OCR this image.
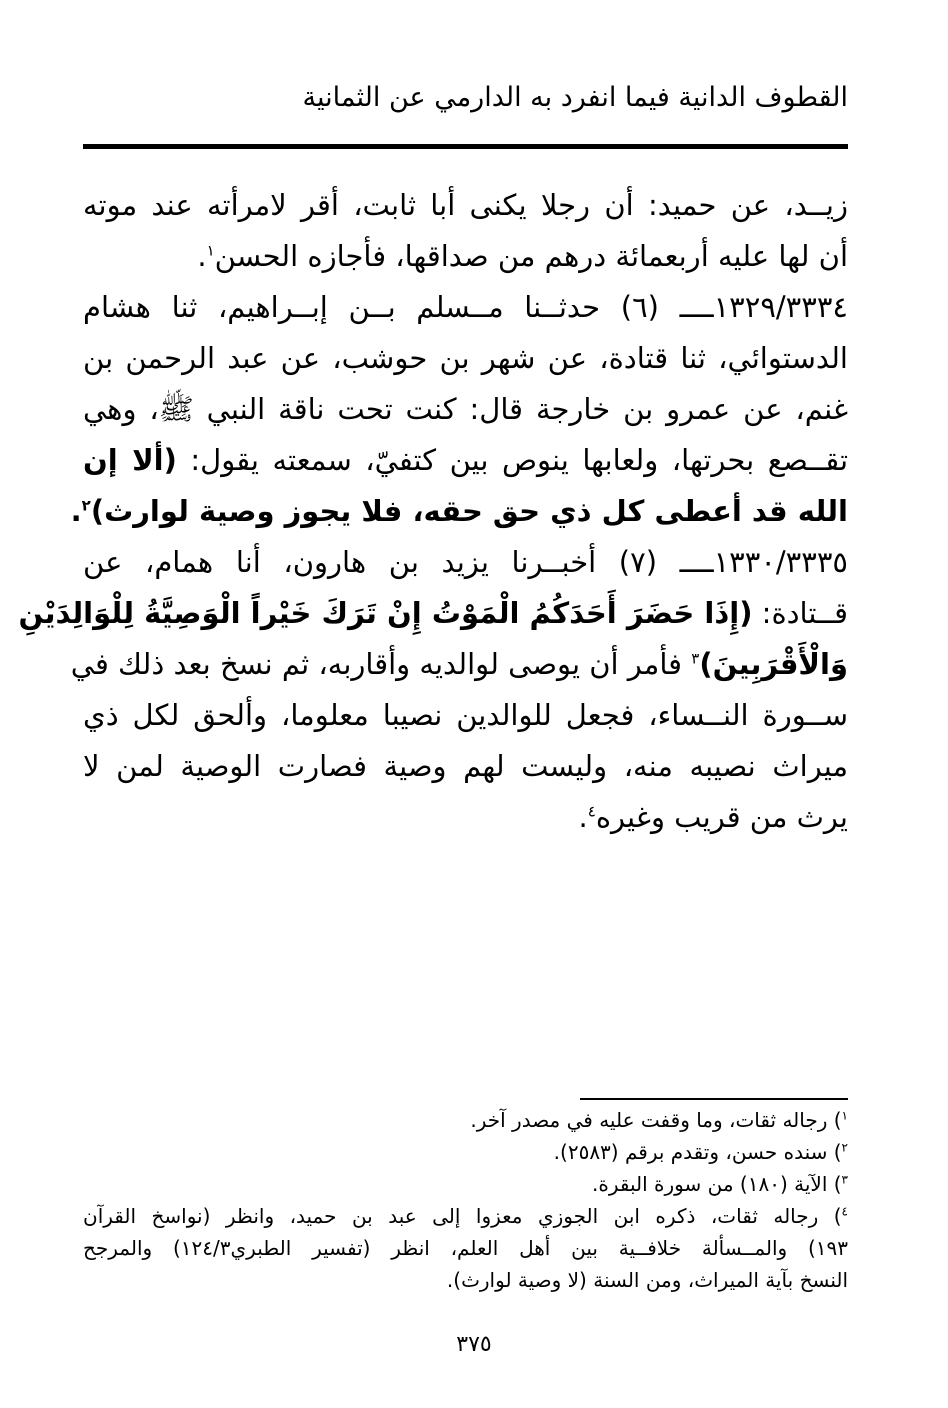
القطوف الدانية فيما انفرد به الدارمي عن الثمانية
زيــد، عن حميد: أن رجلا يكنى أبا ثابت، أقر لامرأته عند موته
أن لها عليه أربعمائة درهم من صداقها، فأجازه الحسن$^١$.
١٣٢٩/٣٣٣٤ــــ (٦) حدثــنا مــسلم بــن إبــراهيم، ثنا هشام
الدستوائي، ثنا قتادة، عن شهر بن حوشب، عن عبد الرحمن بن
غنم، عن عمرو بن خارجة قال: كنت تحت ناقة النبي ﷺ، وهي
تقــصع بحرتها، ولعابها ينوص بين كتفيّ، سمعته يقول: (ألا إن
الله قد أعطى كل ذي حق حقه، فلا يجوز وصية لوارث)$^٢$.
١٣٣٠/٣٣٣٥ــــ (٧) أخبــرنا يزيد بن هارون، أنا همام، عن
قــتادة: (إِذَا حَضَرَ أَحَدَكُمُ الْمَوْتُ إِنْ تَرَكَ خَيْراً الْوَصِيَّةُ لِلْوَالِدَيْنِ
وَالْأَقْرَبِينَ)$^٣$ فأمر أن يوصى لوالديه وأقاربه، ثم نسخ بعد ذلك في
ســورة النــساء، فجعل للوالدين نصيبا معلوما، وألحق لكل ذي
ميراث نصيبه منه، وليست لهم وصية فصارت الوصية لمن لا
يرث من قريب وغيره$^٤$.
$^١$) رجاله ثقات، وما وقفت عليه في مصدر آخر.
$^٢$) سنده حسن، وتقدم برقم (٢٥٨٣).
$^٣$) الآية (١٨٠) من سورة البقرة.
$^٤$) رجاله ثقات، ذكره ابن الجوزي معزوا إلى عبد بن حميد، وانظر (نواسخ القرآن
١٩٣) والمــسألة خلافــية بين أهل العلم، انظر (تفسير الطبري١٢٤/٣) والمرجح
النسخ بآية الميراث، ومن السنة (لا وصية لوارث).
٣٧٥
